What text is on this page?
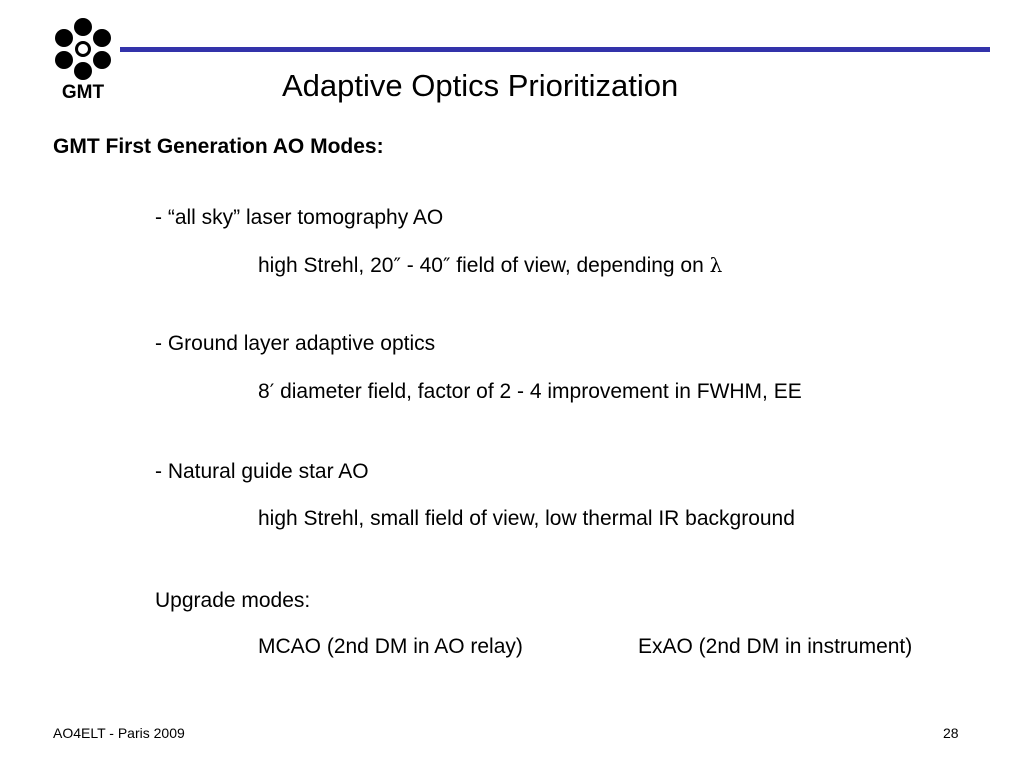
GMT	Adaptive Optics Prioritization
GMT First Generation AO Modes:
- “all sky” laser tomography AO
high Strehl, 20″ - 40″ field of view, depending on λ
- Ground layer adaptive optics
8′ diameter field, factor of 2 - 4 improvement in FWHM, EE
- Natural guide star AO
high Strehl, small field of view, low thermal IR background
Upgrade modes:
MCAO (2nd DM in AO relay)	ExAO (2nd DM in instrument)
AO4ELT - Paris 2009	28
